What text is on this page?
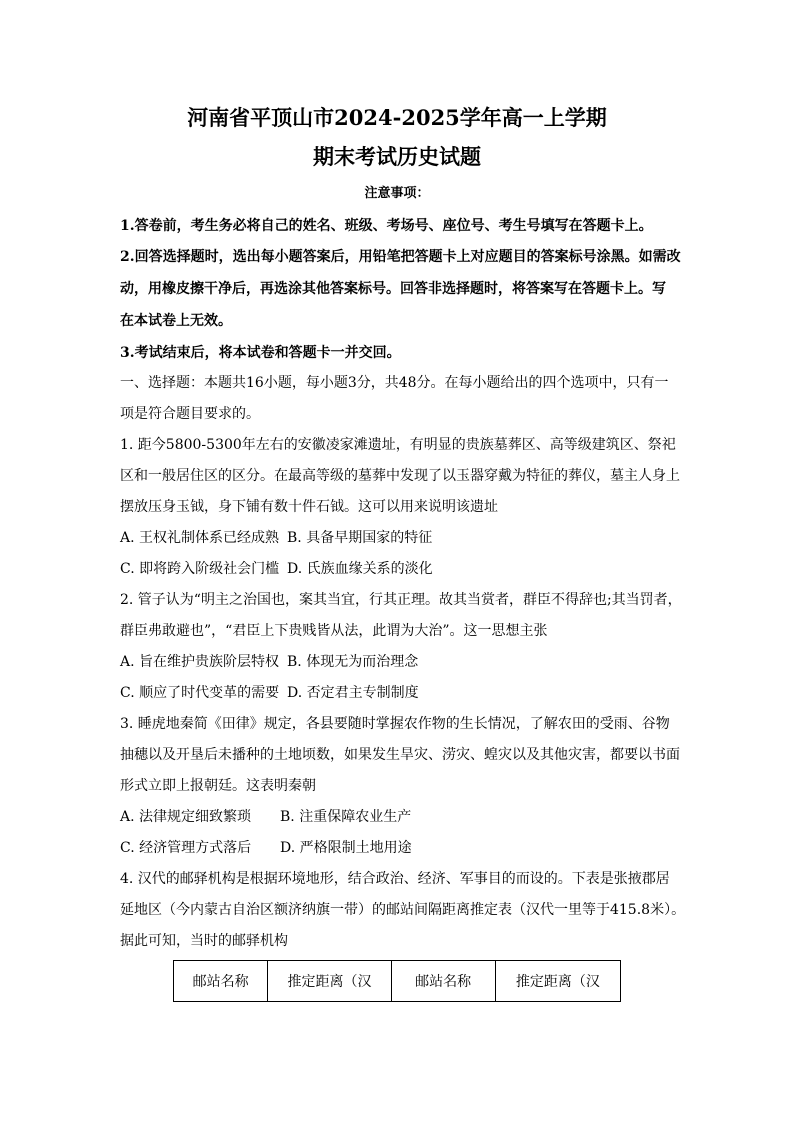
河南省平顶山市2024-2025学年高一上学期
期末考试历史试题
注意事项：
1.答卷前，考生务必将自己的姓名、班级、考场号、座位号、考生号填写在答题卡上。
2.回答选择题时，选出每小题答案后，用铅笔把答题卡上对应题目的答案标号涂黑。如需改
动，用橡皮擦干净后，再选涂其他答案标号。回答非选择题时，将答案写在答题卡上。写
在本试卷上无效。
3.考试结束后，将本试卷和答题卡一并交回。
一、选择题：本题共16小题，每小题3分，共48分。在每小题给出的四个选项中，只有一
项是符合题目要求的。
1. 距今5800-5300年左右的安徽凌家滩遗址，有明显的贵族墓葬区、高等级建筑区、祭祀
区和一般居住区的区分。在最高等级的墓葬中发现了以玉器穿戴为特征的葬仪，墓主人身上
摆放压身玉钺，身下铺有数十件石钺。这可以用来说明该遗址
A. 王权礼制体系已经成熟 B. 具备早期国家的特征
C. 即将跨入阶级社会门槛 D. 氏族血缘关系的淡化
2. 管子认为“明主之治国也，案其当宜，行其正理。故其当赏者，群臣不得辞也;其当罚者，
群臣弗敢避也”，“君臣上下贵贱皆从法，此谓为大治”。这一思想主张
A. 旨在维护贵族阶层特权 B. 体现无为而治理念
C. 顺应了时代变革的需要 D. 否定君主专制制度
3. 睡虎地秦简《田律》规定，各县要随时掌握农作物的生长情况，了解农田的受雨、谷物
抽穗以及开垦后未播种的土地顷数，如果发生旱灾、涝灾、蝗灾以及其他灾害，都要以书面
形式立即上报朝廷。这表明秦朝
A. 法律规定细致繁琐 B. 注重保障农业生产
C. 经济管理方式落后 D. 严格限制土地用途
4. 汉代的邮驿机构是根据环境地形，结合政治、经济、军事目的而设的。下表是张掖郡居
延地区（今内蒙古自治区额济纳旗一带）的邮站间隔距离推定表（汉代一里等于415.8米）。
据此可知，当时的邮驿机构
邮站名称	推定距离（汉	邮站名称	推定距离（汉
